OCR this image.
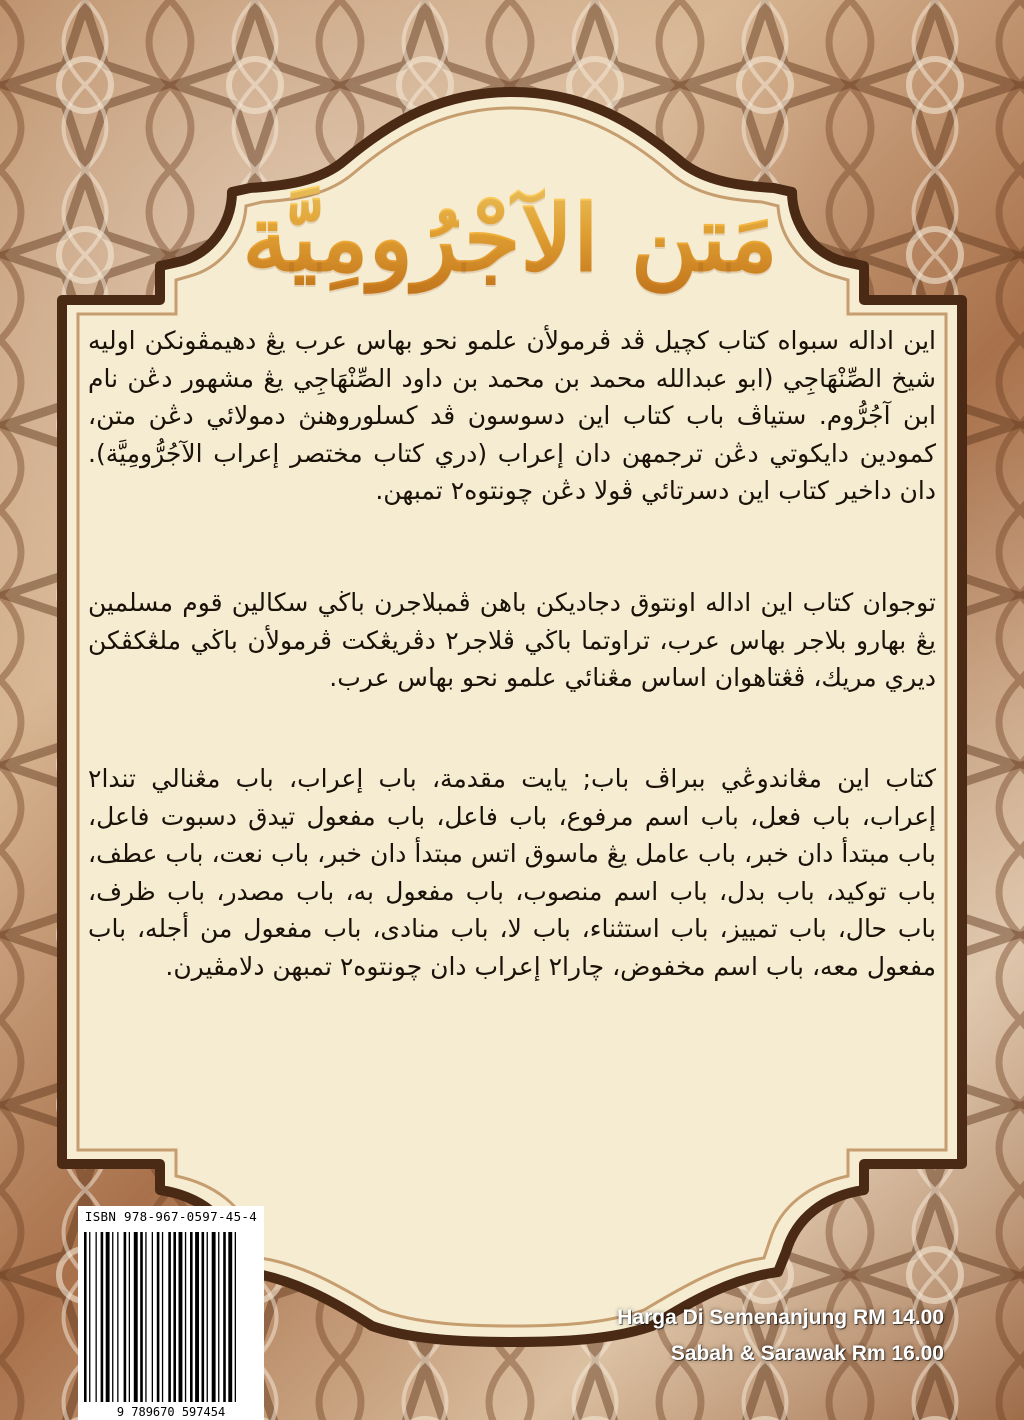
مَتن الآجْرُومِيَّة

اين اداله سبواه كتاب كچيل ڤد ڤرمولأن علمو نحو بهاس عرب يڠ دهيمڤونكن اوليه شيخ الصِّنْهَاجِي (ابو عبدالله محمد بن محمد بن داود الصِّنْهَاجِي يڠ مشهور دڠن نام ابن آجُرُّوم. ستياڤ باب كتاب اين دسوسون ڤد كسلوروهنڽ دمولائي دڠن متن، كمودين دايكوتي دڠن ترجمهن دان إعراب (دري كتاب مختصر إعراب الآجُرُّومِيَّة). دان داخير كتاب اين دسرتائي ڤولا دڠن چونتوه٢ تمبهن.

توجوان كتاب اين اداله اونتوق دجاديكن باهن ڤمبلاجرن باڬي سكالين قوم مسلمين يڠ بهارو بلاجر بهاس عرب، تراوتما باڬي ڤلاجر٢ دڤريڠكت ڤرمولأن باڬي ملڠكڤكن ديري مريك، ڤڠتاهوان اساس مڠنائي علمو نحو بهاس عرب.

كتاب اين مڠاندوڠي ببراڤ باب; يايت مقدمة، باب إعراب، باب مڠنالي تندا٢ إعراب، باب فعل، باب اسم مرفوع، باب فاعل، باب مفعول تيدق دسبوت فاعل، باب مبتدأ دان خبر، باب عامل يڠ ماسوق اتس مبتدأ دان خبر، باب نعت، باب عطف، باب توكيد، باب بدل، باب اسم منصوب، باب مفعول به، باب مصدر، باب ظرف، باب حال، باب تمييز، باب استثناء، باب لا، باب منادى، باب مفعول من أجله، باب مفعول معه، باب اسم مخفوض، چارا٢ إعراب دان چونتوه٢ تمبهن دلامڤيرن.

ISBN 978-967-0597-45-4
9 789670 597454
Harga Di Semenanjung RM 14.00
Sabah & Sarawak Rm 16.00
